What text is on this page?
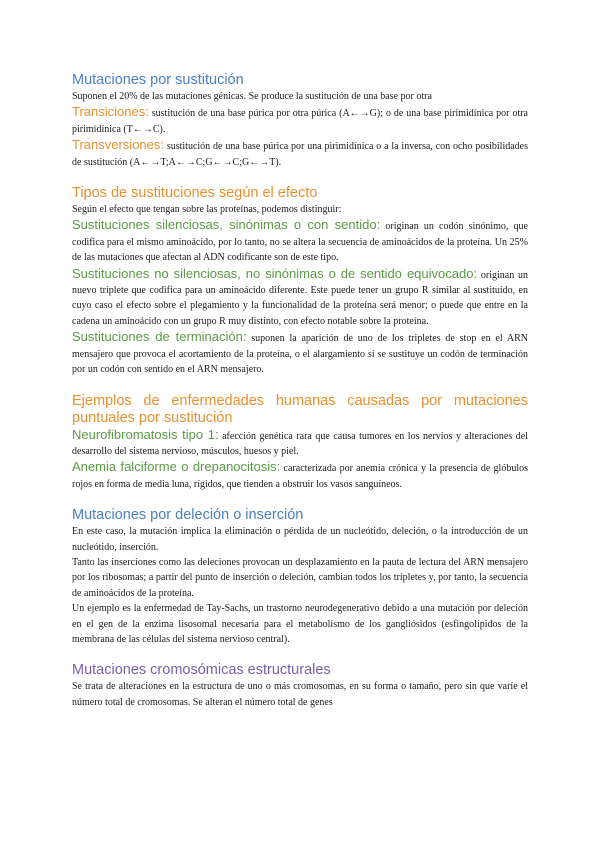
Mutaciones por sustitución

Suponen el 20% de las mutaciones génicas. Se produce la sustitución de una base por otra

Transiciones: sustitución de una base púrica por otra púrica (A←→G); o de una base pirimidínica por otra pirimidínica (T←→C).

Transversiones: sustitución de una base púrica por una pirimidínica o a la inversa, con ocho posibilidades de sustitución (A←→T;A←→C;G←→C;G←→T).

Tipos de sustituciones según el efecto

Según el efecto que tengan sobre las proteínas, podemos distinguir:

Sustituciones silenciosas, sinónimas o con sentido: originan un codón sinónimo, que codifica para el mismo aminoácido, por lo tanto, no se altera la secuencia de aminoácidos de la proteína. Un 25% de las mutaciones que afectan al ADN codificante son de este tipo.

Sustituciones no silenciosas, no sinónimas o de sentido equivocado: originan un nuevo triplete que codifica para un aminoácido diferente. Este puede tener un grupo R similar al sustituido, en cuyo caso el efecto sobre el plegamiento y la funcionalidad de la proteína será menor; o puede que entre en la cadena un aminoácido con un grupo R muy distinto, con efecto notable sobre la proteína.

Sustituciones de terminación: suponen la aparición de uno de los tripletes de stop en el ARN mensajero que provoca el acortamiento de la proteína, o el alargamiento si se sustituye un codón de terminación por un codón con sentido en el ARN mensajero.

Ejemplos de enfermedades humanas causadas por mutaciones puntuales por sustitución

Neurofibromatosis tipo 1: afección genética rara que causa tumores en los nervios y alteraciones del desarrollo del sistema nervioso, músculos, huesos y piel.

Anemia falciforme o drepanocitosis: caracterizada por anemia crónica y la presencia de glóbulos rojos en forma de media luna, rígidos, que tienden a obstruir los vasos sanguíneos.

Mutaciones por deleción o inserción

En este caso, la mutación implica la eliminación o pérdida de un nucleótido, deleción, o la introducción de un nucleótido, inserción.

Tanto las inserciones como las deleciones provocan un desplazamiento en la pauta de lectura del ARN mensajero por los ribosomas; a partir del punto de inserción o deleción, cambian todos los tripletes y, por tanto, la secuencia de aminoácidos de la proteína.

Un ejemplo es la enfermedad de Tay-Sachs, un trastorno neurodegenerativo debido a una mutación por deleción en el gen de la enzima lisosomal necesaria para el metabolismo de los gangliósidos (esfingolípidos de la membrana de las células del sistema nervioso central).

Mutaciones cromosómicas estructurales

Se trata de alteraciones en la estructura de uno o más cromosomas, en su forma o tamaño, pero sin que varíe el número total de cromosomas. Se alteran el número total de genes
